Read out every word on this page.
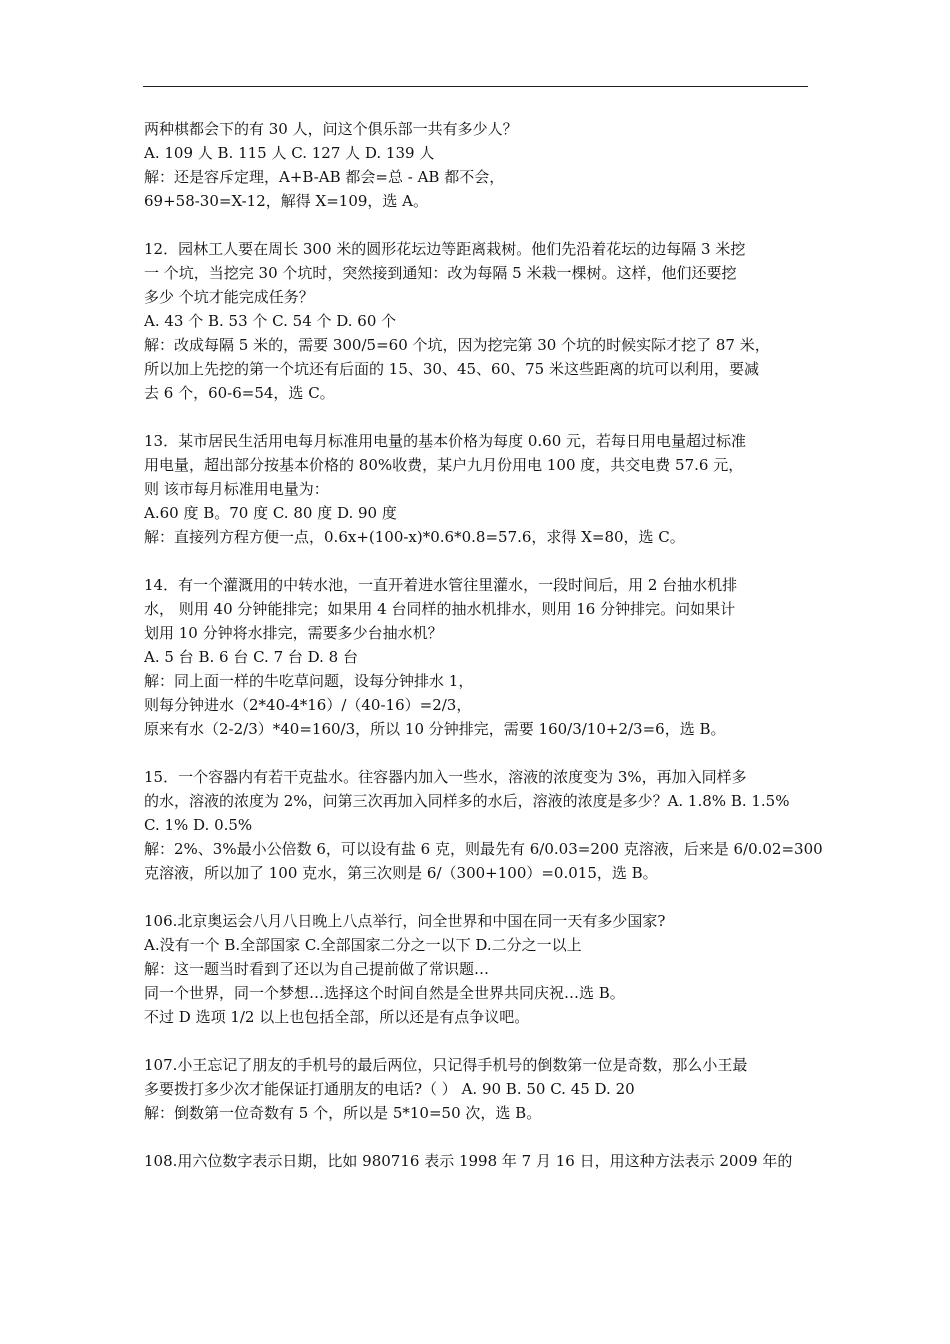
两种棋都会下的有 30 人，问这个俱乐部一共有多少人？
A. 109 人 B. 115 人 C. 127 人 D. 139 人
解：还是容斥定理，A+B-AB 都会=总 - AB 都不会，
69+58-30=X-12，解得 X=109，选 A。
12．园林工人要在周长 300 米的圆形花坛边等距离栽树。他们先沿着花坛的边每隔 3 米挖
一 个坑，当挖完 30 个坑时，突然接到通知：改为每隔 5 米栽一棵树。这样，他们还要挖
多少 个坑才能完成任务？
A. 43 个 B. 53 个 C. 54 个 D. 60 个
解：改成每隔 5 米的，需要 300/5=60 个坑，因为挖完第 30 个坑的时候实际才挖了 87 米，
所以加上先挖的第一个坑还有后面的 15、30、45、60、75 米这些距离的坑可以利用，要减
去 6 个，60-6=54，选 C。
13．某市居民生活用电每月标准用电量的基本价格为每度 0.60 元，若每日用电量超过标准
用电量，超出部分按基本价格的 80%收费，某户九月份用电 100 度，共交电费 57.6 元，
则 该市每月标准用电量为：
A.60 度 B。70 度 C. 80 度 D. 90 度
解：直接列方程方便一点，0.6x+(100-x)*0.6*0.8=57.6，求得 X=80，选 C。
14．有一个灌溉用的中转水池，一直开着进水管往里灌水，一段时间后，用 2 台抽水机排
水， 则用 40 分钟能排完；如果用 4 台同样的抽水机排水，则用 16 分钟排完。问如果计
划用 10 分钟将水排完，需要多少台抽水机？
A. 5 台 B. 6 台 C. 7 台 D. 8 台
解：同上面一样的牛吃草问题，设每分钟排水 1，
则每分钟进水（2*40-4*16）/（40-16）=2/3，
原来有水（2-2/3）*40=160/3，所以 10 分钟排完，需要 160/3/10+2/3=6，选 B。
15．一个容器内有若干克盐水。往容器内加入一些水，溶液的浓度变为 3%，再加入同样多
的水，溶液的浓度为 2%，问第三次再加入同样多的水后，溶液的浓度是多少？A. 1.8% B. 1.5%
C. 1% D. 0.5%
解：2%、3%最小公倍数 6，可以设有盐 6 克，则最先有 6/0.03=200 克溶液，后来是 6/0.02=300
克溶液，所以加了 100 克水，第三次则是 6/（300+100）=0.015，选 B。
106.北京奥运会八月八日晚上八点举行，问全世界和中国在同一天有多少国家?
A.没有一个 B.全部国家 C.全部国家二分之一以下 D.二分之一以上
解：这一题当时看到了还以为自己提前做了常识题…
同一个世界，同一个梦想…选择这个时间自然是全世界共同庆祝…选 B。
不过 D 选项 1/2 以上也包括全部，所以还是有点争议吧。
107.小王忘记了朋友的手机号的最后两位，只记得手机号的倒数第一位是奇数，那么小王最
多要拨打多少次才能保证打通朋友的电话?（ ） A. 90 B. 50 C. 45 D. 20
解：倒数第一位奇数有 5 个，所以是 5*10=50 次，选 B。
108.用六位数字表示日期，比如 980716 表示 1998 年 7 月 16 日，用这种方法表示 2009 年的
